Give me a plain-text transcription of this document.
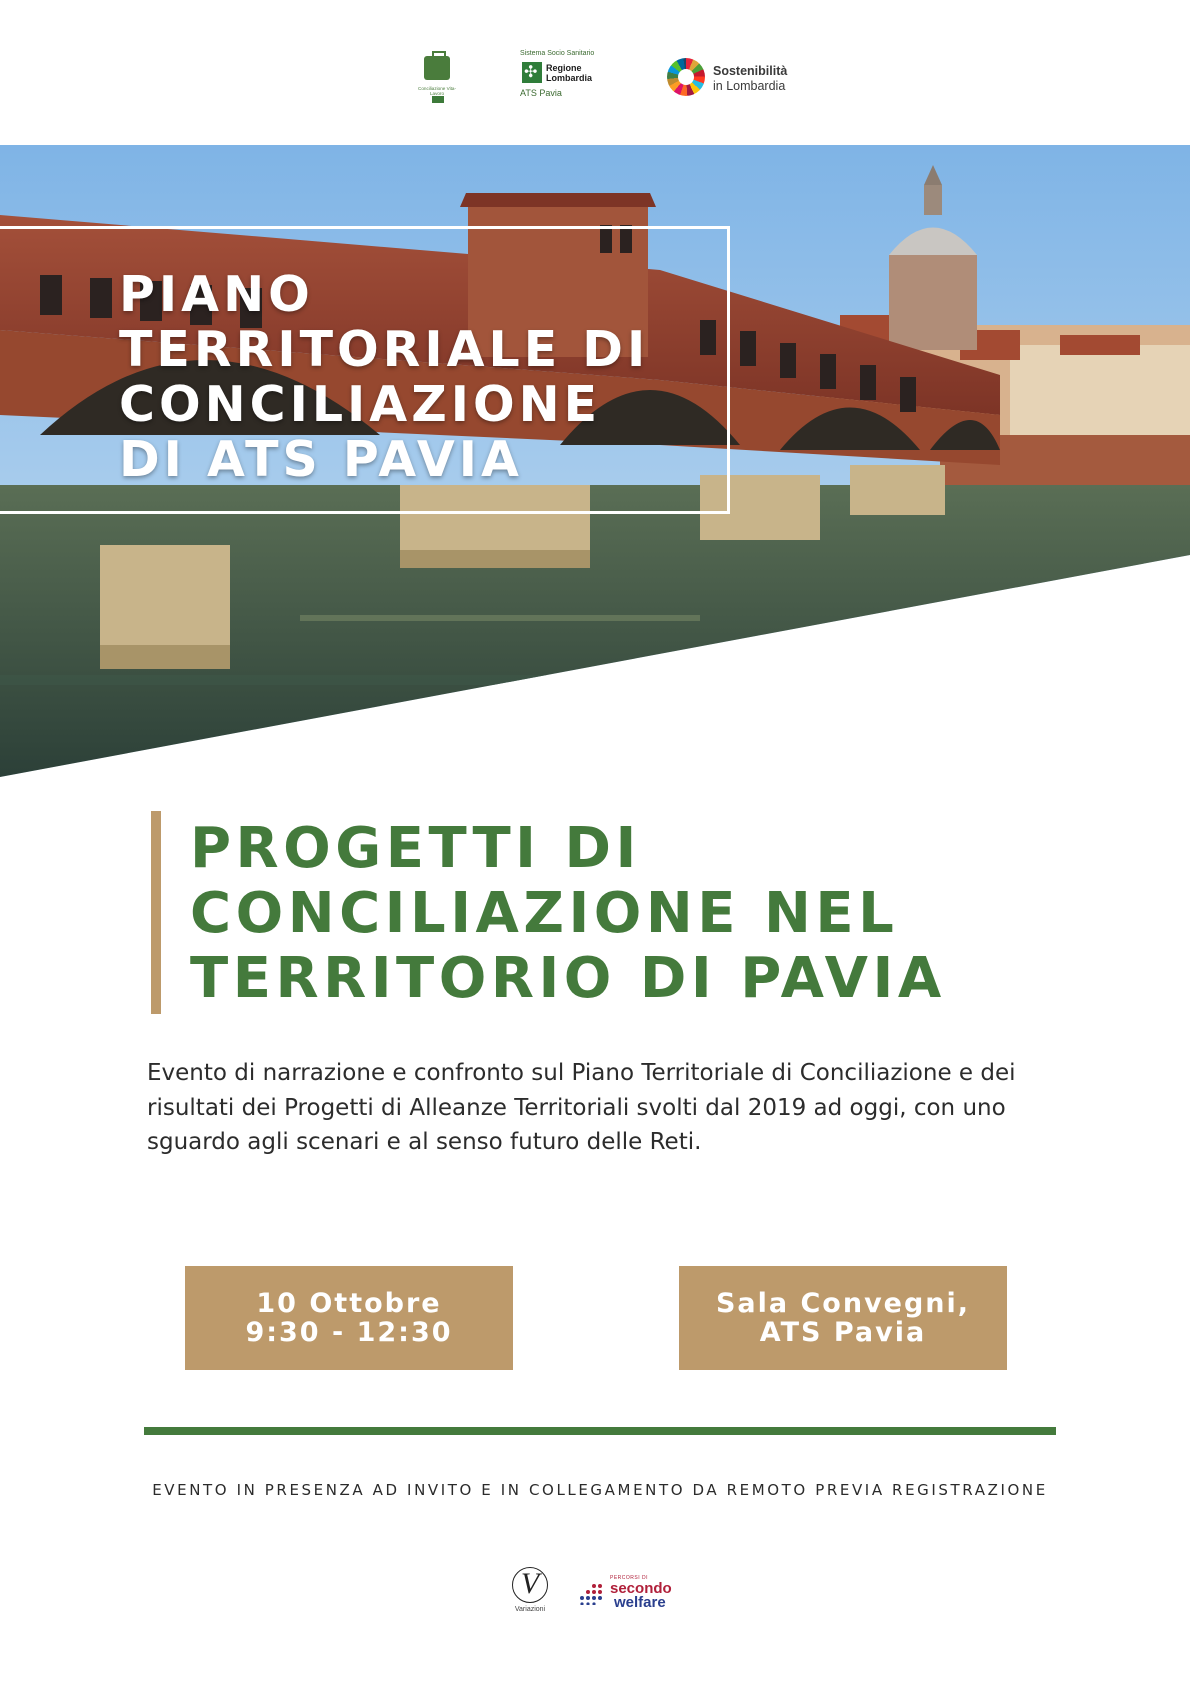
Conciliazione Vita-Lavoro
Sistema Socio Sanitario
✣
Regione
Lombardia
ATS Pavia
Sostenibilità
in Lombardia
PIANO
TERRITORIALE DI
CONCILIAZIONE
DI ATS PAVIA
PROGETTI DI
CONCILIAZIONE NEL
TERRITORIO DI PAVIA

Evento di narrazione e confronto sul Piano Territoriale di Conciliazione e dei risultati dei Progetti di Alleanze Territoriali svolti dal 2019 ad oggi, con uno sguardo agli scenari e al senso futuro delle Reti.

10 Ottobre
9:30 - 12:30
Sala Convegni,
ATS Pavia

EVENTO IN PRESENZA AD INVITO E IN COLLEGAMENTO DA REMOTO PREVIA REGISTRAZIONE

V
Variazioni
PERCORSI DI
secondo
welfare
